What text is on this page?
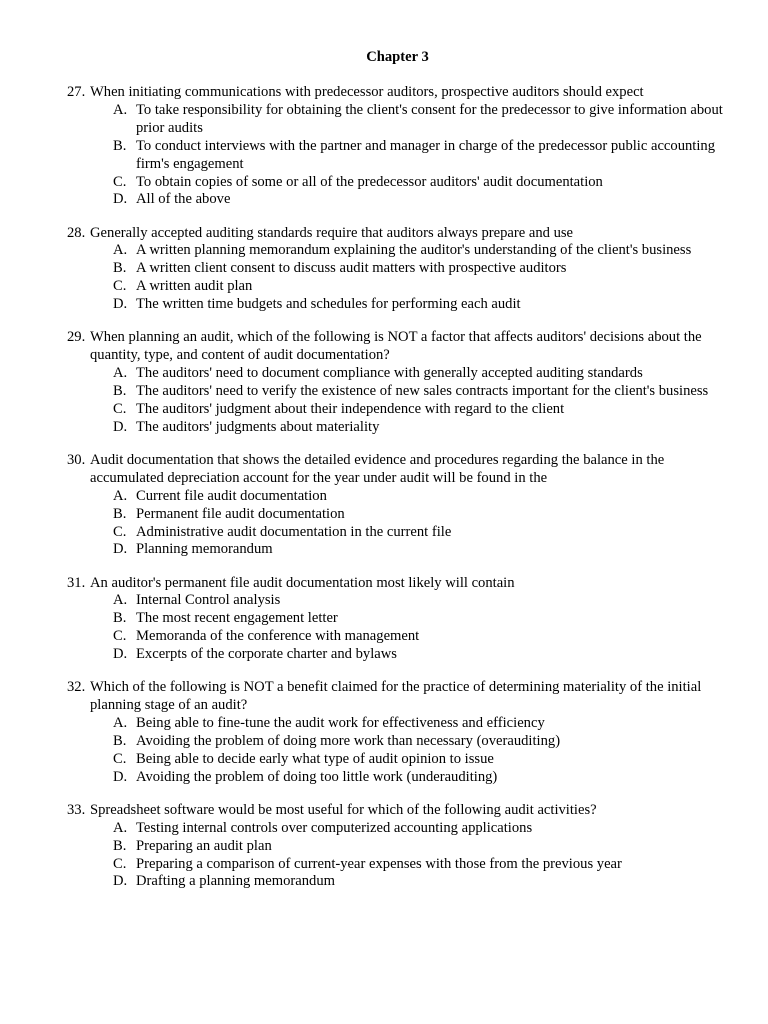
Chapter 3

27. When initiating communications with predecessor auditors, prospective auditors should expect

A. To take responsibility for obtaining the client's consent for the predecessor to give information about prior audits
B. To conduct interviews with the partner and manager in charge of the predecessor public accounting firm's engagement
C. To obtain copies of some or all of the predecessor auditors' audit documentation
D. All of the above

28. Generally accepted auditing standards require that auditors always prepare and use

A. A written planning memorandum explaining the auditor's understanding of the client's business
B. A written client consent to discuss audit matters with prospective auditors
C. A written audit plan
D. The written time budgets and schedules for performing each audit

29. When planning an audit, which of the following is NOT a factor that affects auditors' decisions about the quantity, type, and content of audit documentation?

A. The auditors' need to document compliance with generally accepted auditing standards
B. The auditors' need to verify the existence of new sales contracts important for the client's business
C. The auditors' judgment about their independence with regard to the client
D. The auditors' judgments about materiality

30. Audit documentation that shows the detailed evidence and procedures regarding the balance in the accumulated depreciation account for the year under audit will be found in the

A. Current file audit documentation
B. Permanent file audit documentation
C. Administrative audit documentation in the current file
D. Planning memorandum

31. An auditor's permanent file audit documentation most likely will contain

A. Internal Control analysis
B. The most recent engagement letter
C. Memoranda of the conference with management
D. Excerpts of the corporate charter and bylaws

32. Which of the following is NOT a benefit claimed for the practice of determining materiality of the initial planning stage of an audit?

A. Being able to fine-tune the audit work for effectiveness and efficiency
B. Avoiding the problem of doing more work than necessary (overauditing)
C. Being able to decide early what type of audit opinion to issue
D. Avoiding the problem of doing too little work (underauditing)

33. Spreadsheet software would be most useful for which of the following audit activities?

A. Testing internal controls over computerized accounting applications
B. Preparing an audit plan
C. Preparing a comparison of current-year expenses with those from the previous year
D. Drafting a planning memorandum
